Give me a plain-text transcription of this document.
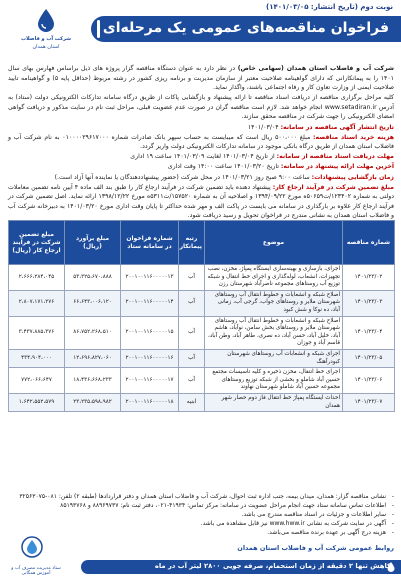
نوبت دوم (تاریخ انتشار: ۱۴۰۱/۰۳/۰۵)
فراخوان مناقصه‌های عمومی یک مرحله‌ای
شرکت آب و فاضلاب
استان همدان

شرکت آب و فاضلاب استان همدان (سهامی خاص) در نظر دارد به عنوان دستگاه مناقصه گزار پروژه های ذیل براساس فهارس بهای سال ۱۴۰۱ را به پیمانکارانی که دارای گواهینامه صلاحیت معتبر از سازمان مدیریت و برنامه ریزی کشور در رشته مربوط (حداقل پایه ۵) و گواهینامه تایید صلاحیت ایمنی از وزارت تعاون کار و رفاه اجتماعی باشند، واگذار نماید.

کلیه مراحل برگزاری مناقصه از دریافت اسناد مناقصه تا ارائه پیشنهاد و بازگشایی پاکات از طریق درگاه سامانه تدارکات الکترونیکی دولت (ستاد) به آدرس www.setadiran.ir انجام خواهد شد. لازم است مناقصه گران در صورت عدم عضویت قبلی، مراحل ثبت نام در سایت مذکور و دریافت گواهی امضای الکترونیکی را جهت شرکت در مناقصه محقق سازند.

تاریخ انتشار آگهی مناقصه در سامانه: ۱۴۰۱/۰۳/۰۴

هزینه خرید اسناد مناقصه: مبلغ ۵۰۰،۰۰۰ ریال است که میبایست به حساب سپهر بانک صادرات شماره ۰۱۰۰۰۰۲۹۶۱۷۰۰۰ به نام شرکت آب و فاضلاب استان همدان از طریق درگاه بانکی موجود در سامانه تدارکات الکترونیکی دولت واریز گردد.

مهلت دریافت اسناد مناقصه از سامانه: از تاریخ ۱۴۰۱/۰۳/۰۴ لغایت ۱۴۰۱/۰۳/۰۹ ساعت ۱۹ اداری

آخرین مهلت ارائه پیشنهاد در سامانه: تاریخ ۱۴۰۱/۰۳/۲۰ ساعت ۱۴:۰۰ وقت اداری

زمان بازگشایی پیشنهادات: ساعت ۹:۰۰ صبح روز ۱۴۰۱/۰۳/۲۱ در محل شرکت (حضور پیشنهاددهندگان یا نماینده آنها آزاد است.)

مبلغ تضمین شرکت در فرآیند ارجاع کار: پیشنهاد دهنده باید تضمین شرکت در فرآیند ارجاع کار را طبق بند الف ماده ۴ آیین نامه تضمین معاملات دولتی به شماره ۱۲۳۴۰۲/ت۵۰۶۵۹ه مورخ ۱۳۹۴/۰۹/۲۲ و اصلاحیه آن به شماره ۱۵۷۵۲۰/ت۵۳۱۱ه مورخ ۱۳۹۸/۱۲/۲۲ ارائه نماید. اصل تضمین شرکت در فرآیند ارجاع کار علاوه بر بارگذاری در سامانه می بایست در پاکت الف و مهر شده حداکثر تا پایان وقت اداری مورخ ۱۴۰۱/۰۳/۲۰ به دبیرخانه شرکت آب و فاضلاب استان همدان به نشانی مندرج در فراخوان تحویل و رسید دریافت شود.

شماره مناقصه	موضوع	رتبه پیمانکار	شماره فراخوان در سامانه ستاد	مبلغ برآورد (ریال)	مبلغ تضمین شرکت در فرآیند ارجاع کار (ریال)
۱۴۰۱/۲۳/۰۲	اجرای، بازسازی و بهینه‌سازی ایستگاه پمپاژ، مخزن، نصب تجهیزات، انشعاب، لوله‌گذاری و اجرای خط انتقال و شبکه توزیع آب روستاهای مجموعه ناصرآباد شهرستان رزن	آب	۲۰۰۱۰۰۱۱۶۰۰۰۰۰۱۳	۵۳،۳۲۵،۶۷۰،۸۸۸	۲،۶۶۶،۲۸۴،۰۴۵
۱۴۰۱/۲۳/۰۳	اصلاح شبکه و انشعابات و خطوط انتقال آب روستاهای شهرستان ملایر و روستاهای جواب، گرجی آب، زمانی آباد، ده نوکا و شش کبود	آب	۲۰۰۱۰۰۱۱۶۰۰۰۰۰۱۴	۶۶،۶۴۳،۰۰۶،۱۲۰	۲،۸۰۷،۱۷۱،۲۷۶
۱۴۰۱/۲۳/۰۴	اصلاح شبکه و انشعابات و خطوط انتقال آب روستاهای شهرستان ملایر و روستاهای بخش سامن، نوآباد، هاشم آباد، خلیل آباد، حسن آباد، ده نصری، طاهر آباد، وطن آباد، قاسم آباد و جوزان	آب	۲۰۰۱۰۰۱۱۶۰۰۰۰۰۱۵	۸۶،۷۵۲،۲۶۸،۵۱۰	۳،۴۳۷،۸۸۵،۳۷۶
۱۴۰۱/۲۳/۰۵	اجرای شبکه و انشعابات آب روستاهای شهرستان کبودرآهنگ	آب	۲۰۰۱۰۰۱۱۶۰۰۰۰۰۱۶	۱۲،۶۹۶،۸۲۷،۰۶۰	۴۳۴،۹۰۴،۰۰۰
۱۴۰۱/۲۳/۰۶	اجرای خط انتقال، مخزن ذخیره و کلیه تاسیسات مجتمع حسین آباد شاملو و بخشی از شبکه توزیع روستاهای مجموعه حسین آباد شاملو شهرستان نهاوند	آب	۲۰۰۱۰۰۱۱۶۰۰۰۰۰۱۷	۱۸،۴۳۶،۶۶۸،۲۳۳	۷۷۲،۰۶۶،۶۴۷
۱۴۰۱/۲۳/۰۷	احداث ایستگاه پمپاژ خط انتقال فاز دوم حصار شهر همدان	ابنیه	۲۰۰۱۰۰۱۱۶۰۰۰۰۰۱۸	۲۳،۲۳۵،۵۹۸،۹۸۲	۱،۶۴۲،۵۵۲،۵۷۹
- نشانی مناقصه گزار: همدان، میدان بیمه، جنب اداره ثبت احوال، شرکت آب و فاضلاب استان همدان و دفتر قراردادها (طبقه ۲) تلفن: ۰۸۱-۳۲۵۶۳۰۷۵
- اطلاعات تماس سامانه ستاد جهت انجام مراحل عضویت در سامانه: مرکز تماس: ۴۱۹۳۴-۰۲۱، دفتر ثبت نام: ۸۸۹۶۹۷۳۷ و ۸۵۱۹۳۷۶۸
- سایر اطلاعات و جزئیات در اسناد مناقصه مندرج می باشد.
- آگهی در سایت شرکت به نشانی www.hww.ir نیز قابل مشاهده می باشد.
- هزینه درج آگهی بر عهده برنده مناقصه می‌باشد.
روابط عمومی شرکت آب و فاضلاب استان همدان
ستاد مدیریت مصرف آب و آموزش همگانی
کاهش تنها ۲ دقیقه از زمان استحمام، صرفه جویی ۲۸۰۰ لیتر آب در ماه
